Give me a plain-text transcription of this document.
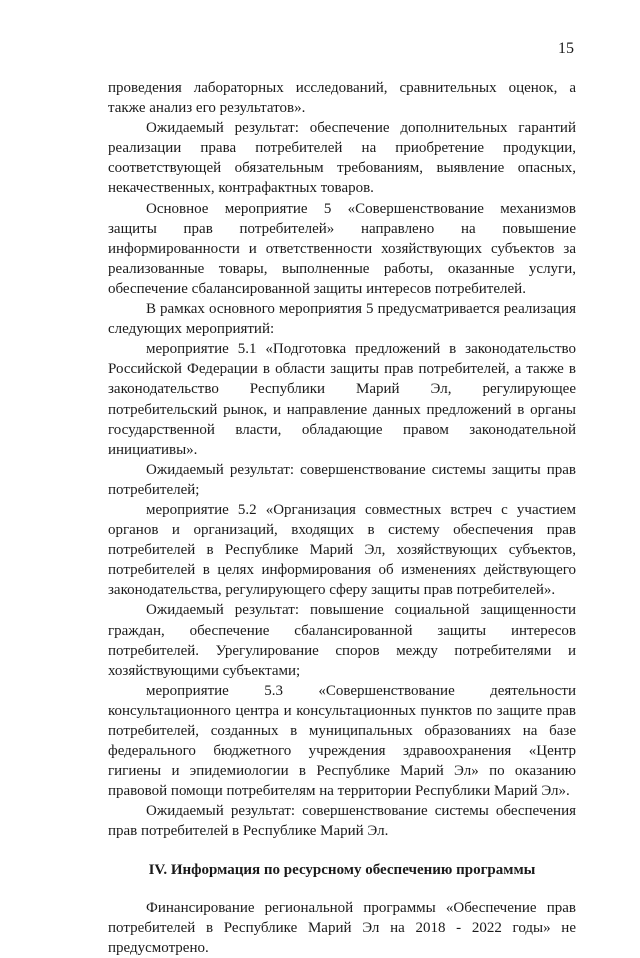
15

проведения лабораторных исследований, сравнительных оценок, а также анализ его результатов».

Ожидаемый результат: обеспечение дополнительных гарантий реализации права потребителей на приобретение продукции, соответствующей обязательным требованиям, выявление опасных, некачественных, контрафактных товаров.

Основное мероприятие 5 «Совершенствование механизмов защиты прав потребителей» направлено на повышение информированности и ответственности хозяйствующих субъектов за реализованные товары, выполненные работы, оказанные услуги, обеспечение сбалансированной защиты интересов потребителей.

В рамках основного мероприятия 5 предусматривается реализация следующих мероприятий:

мероприятие 5.1 «Подготовка предложений в законодательство Российской Федерации в области защиты прав потребителей, а также в законодательство Республики Марий Эл, регулирующее потребительский рынок, и направление данных предложений в органы государственной власти, обладающие правом законодательной инициативы».

Ожидаемый результат: совершенствование системы защиты прав потребителей;

мероприятие 5.2 «Организация совместных встреч с участием органов и организаций, входящих в систему обеспечения прав потребителей в Республике Марий Эл, хозяйствующих субъектов, потребителей в целях информирования об изменениях действующего законодательства, регулирующего сферу защиты прав потребителей».

Ожидаемый результат: повышение социальной защищенности граждан, обеспечение сбалансированной защиты интересов потребителей. Урегулирование споров между потребителями и хозяйствующими субъектами;

мероприятие 5.3 «Совершенствование деятельности консультационного центра и консультационных пунктов по защите прав потребителей, созданных в муниципальных образованиях на базе федерального бюджетного учреждения здравоохранения «Центр гигиены и эпидемиологии в Республике Марий Эл» по оказанию правовой помощи потребителям на территории Республики Марий Эл».

Ожидаемый результат: совершенствование системы обеспечения прав потребителей в Республике Марий Эл.

IV. Информация по ресурсному обеспечению программы

Финансирование региональной программы «Обеспечение прав потребителей в Республике Марий Эл на 2018 - 2022 годы» не предусмотрено.
